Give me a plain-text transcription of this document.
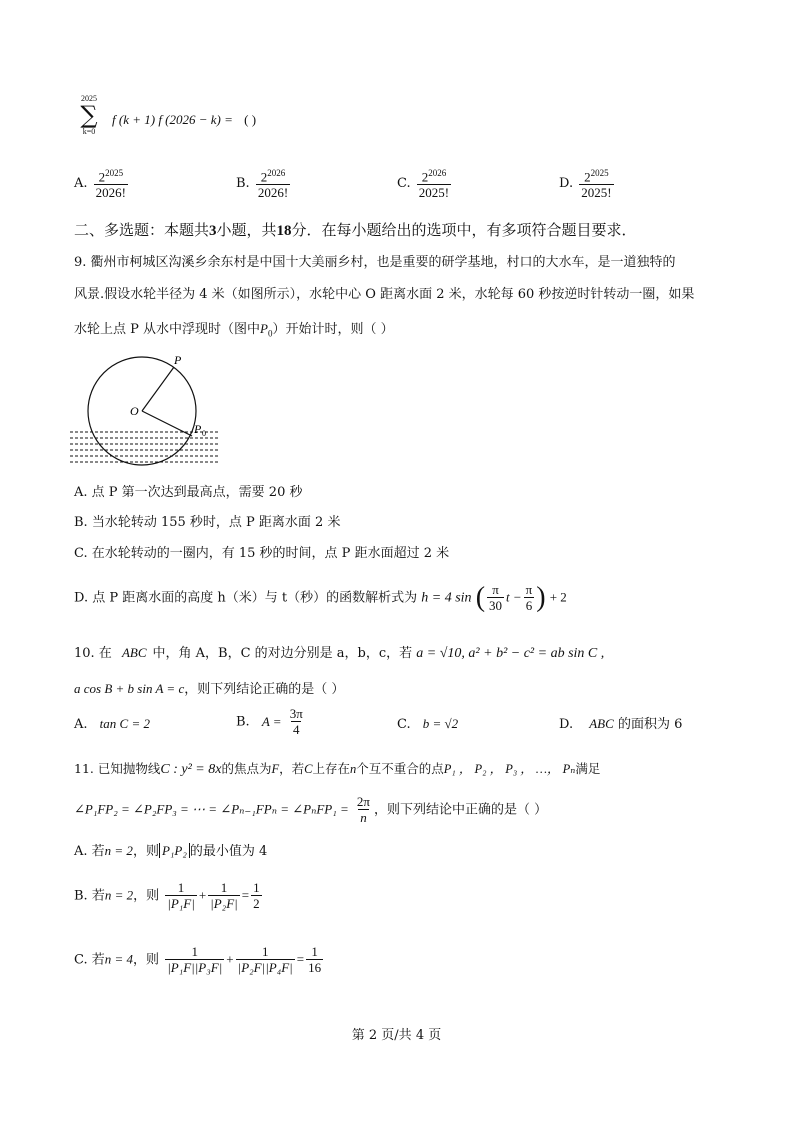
2025
∑
k=0
f (k + 1) f (2026 − k) = ( )
A. $\frac{2^{2025}}{2026!}$	B. $\frac{2^{2026}}{2026!}$	C. $\frac{2^{2026}}{2025!}$	D. $\frac{2^{2025}}{2025!}$
二、多选题：本题共3小题，共18分．在每小题给出的选项中，有多项符合题目要求．
9. 衢州市柯城区沟溪乡余东村是中国十大美丽乡村，也是重要的研学基地，村口的大水车，是一道独特的
风景.假设水轮半径为 4 米（如图所示），水轮中心 O 距离水面 2 米，水轮每 60 秒按逆时针转动一圈，如果
水轮上点 P 从水中浮现时（图中$P_0$）开始计时，则（ ）
P
O
P 0
A. 点 P 第一次达到最高点，需要 20 秒
B. 当水轮转动 155 秒时，点 P 距离水面 2 米
C. 在水轮转动的一圈内，有 15 秒的时间，点 P 距水面超过 2 米
D. 点 P 距离水面的高度 h（米）与 t（秒）的函数解析式为 h = 4 sin ( $\frac{\pi}{30}$ $t - \frac{\pi}{6}$ ) + 2
10. 在 ABC 中，角 A，B，C 的对边分别是 a，b，c，若 a = √10, a² + b² − c² = ab sin C ,
a cos B + b sin A = c，则下列结论正确的是（ ）
A. tan C = 2	B. $A = \frac{3\pi}{4}$	C. b = √2	D. ABC 的面积为 6
11. 已知抛物线C : y² = 8x的焦点为F，若C上存在n个互不重合的点P₁ ， P₂ ， P₃ ， …， Pₙ满足
∠P₁FP₂ = ∠P₂FP₃ = ⋯ = ∠Pₙ₋₁FPₙ = ∠PₙFP₁ = $\frac{2\pi}{n}$ ，则下列结论中正确的是（ ）
A. 若n = 2，则 P₁P₂ 的最小值为 4
B. 若n = 2，则 $\frac{1}{\text{|P₁F|}} + \frac{1}{\text{|P₂F|}} = \frac{1}{2}$
C. 若n = 4，则 $\frac{1}{\text{|P₁F||P₃F|}} + \frac{1}{\text{|P₂F||P₄F|}} = \frac{1}{16}$
第 2 页/共 4 页
